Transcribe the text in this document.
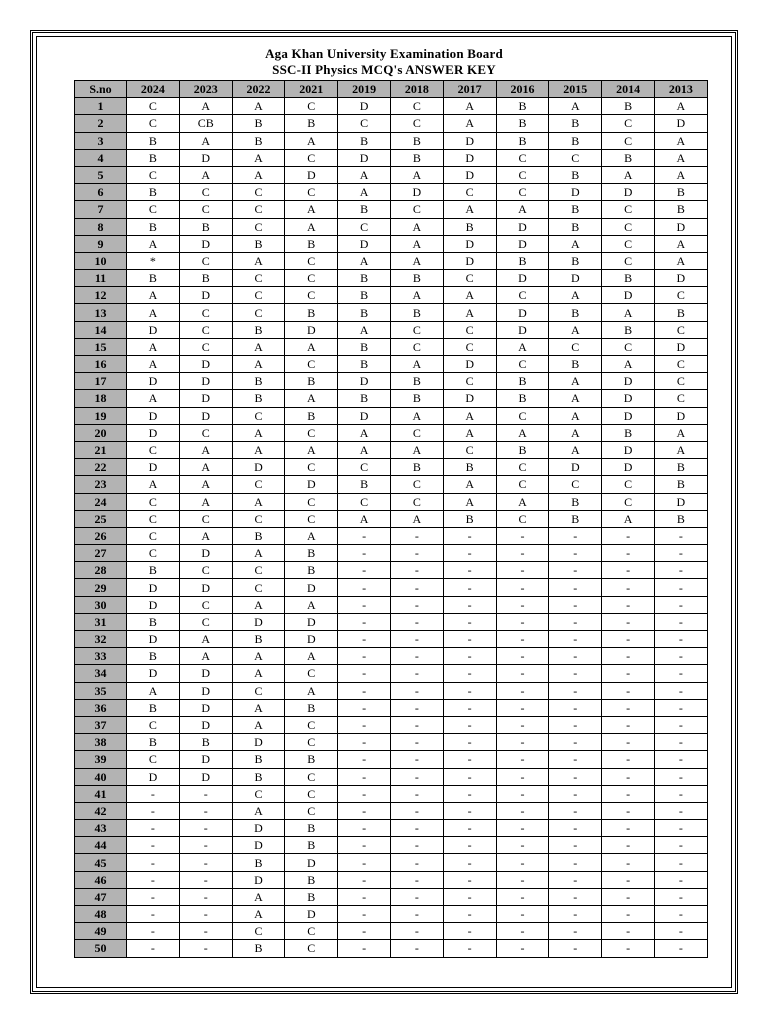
Aga Khan University Examination Board
SSC-II Physics MCQ's ANSWER KEY
S.no	2024	2023	2022	2021	2019	2018	2017	2016	2015	2014	2013
1	C	A	A	C	D	C	A	B	A	B	A
2	C	CB	B	B	C	C	A	B	B	C	D
3	B	A	B	A	B	B	D	B	B	C	A
4	B	D	A	C	D	B	D	C	C	B	A
5	C	A	A	D	A	A	D	C	B	A	A
6	B	C	C	C	A	D	C	C	D	D	B
7	C	C	C	A	B	C	A	A	B	C	B
8	B	B	C	A	C	A	B	D	B	C	D
9	A	D	B	B	D	A	D	D	A	C	A
10	*	C	A	C	A	A	D	B	B	C	A
11	B	B	C	C	B	B	C	D	D	B	D
12	A	D	C	C	B	A	A	C	A	D	C
13	A	C	C	B	B	B	A	D	B	A	B
14	D	C	B	D	A	C	C	D	A	B	C
15	A	C	A	A	B	C	C	A	C	C	D
16	A	D	A	C	B	A	D	C	B	A	C
17	D	D	B	B	D	B	C	B	A	D	C
18	A	D	B	A	B	B	D	B	A	D	C
19	D	D	C	B	D	A	A	C	A	D	D
20	D	C	A	C	A	C	A	A	A	B	A
21	C	A	A	A	A	A	C	B	A	D	A
22	D	A	D	C	C	B	B	C	D	D	B
23	A	A	C	D	B	C	A	C	C	C	B
24	C	A	A	C	C	C	A	A	B	C	D
25	C	C	C	C	A	A	B	C	B	A	B
26	C	A	B	A	-	-	-	-	-	-	-
27	C	D	A	B	-	-	-	-	-	-	-
28	B	C	C	B	-	-	-	-	-	-	-
29	D	D	C	D	-	-	-	-	-	-	-
30	D	C	A	A	-	-	-	-	-	-	-
31	B	C	D	D	-	-	-	-	-	-	-
32	D	A	B	D	-	-	-	-	-	-	-
33	B	A	A	A	-	-	-	-	-	-	-
34	D	D	A	C	-	-	-	-	-	-	-
35	A	D	C	A	-	-	-	-	-	-	-
36	B	D	A	B	-	-	-	-	-	-	-
37	C	D	A	C	-	-	-	-	-	-	-
38	B	B	D	C	-	-	-	-	-	-	-
39	C	D	B	B	-	-	-	-	-	-	-
40	D	D	B	C	-	-	-	-	-	-	-
41	-	-	C	C	-	-	-	-	-	-	-
42	-	-	A	C	-	-	-	-	-	-	-
43	-	-	D	B	-	-	-	-	-	-	-
44	-	-	D	B	-	-	-	-	-	-	-
45	-	-	B	D	-	-	-	-	-	-	-
46	-	-	D	B	-	-	-	-	-	-	-
47	-	-	A	B	-	-	-	-	-	-	-
48	-	-	A	D	-	-	-	-	-	-	-
49	-	-	C	C	-	-	-	-	-	-	-
50	-	-	B	C	-	-	-	-	-	-	-
